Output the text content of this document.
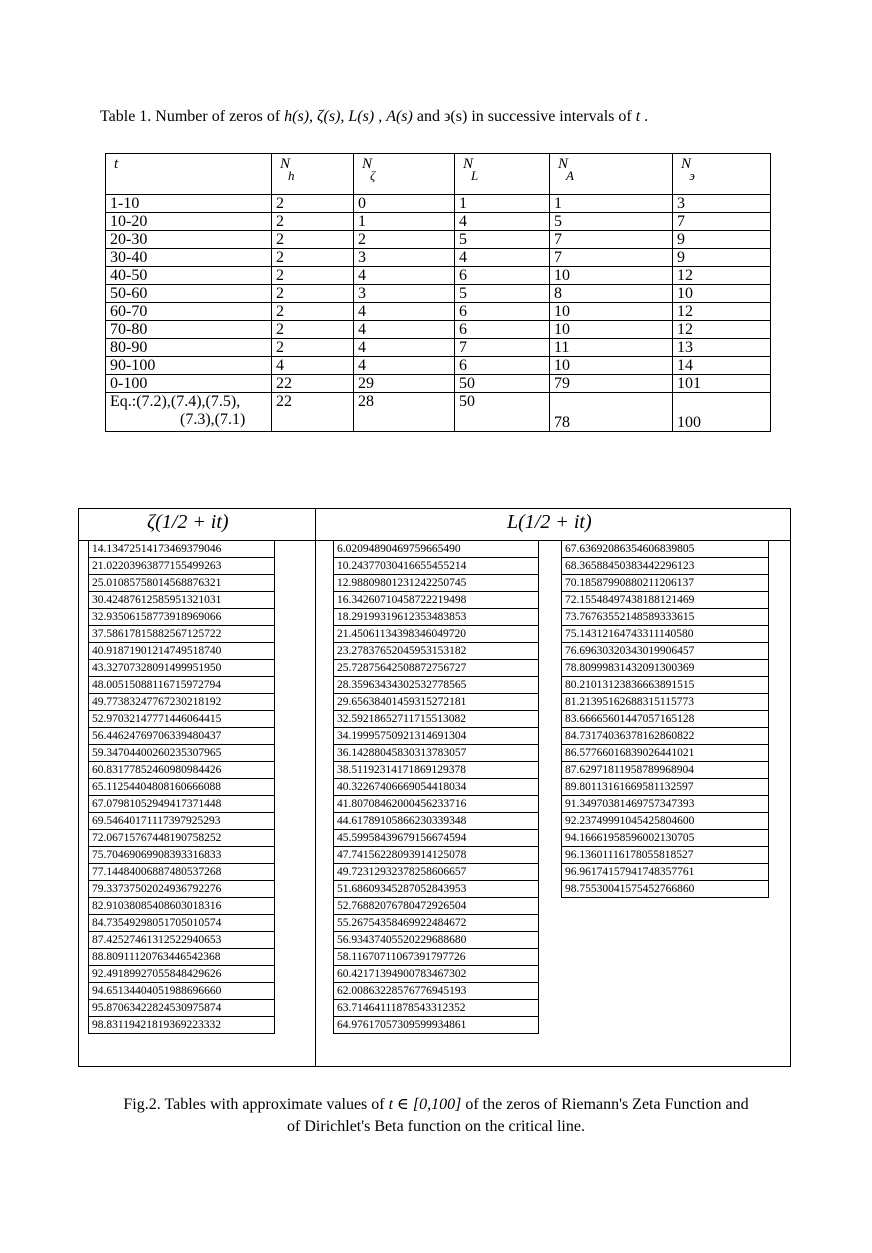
Table 1. Number of zeros of h(s), ζ(s), L(s) , A(s) and ϶(s) in successive intervals of t .
t	$N_h$	$N_\zeta$	$N_L$	$N_A$	$N_϶$
1-10	2	0	1	1	3
10-20	2	1	4	5	7
20-30	2	2	5	7	9
30-40	2	3	4	7	9
40-50	2	4	6	10	12
50-60	2	3	5	8	10
60-70	2	4	6	10	12
70-80	2	4	6	10	12
80-90	2	4	7	11	13
90-100	4	4	6	10	14
0-100	22	29	50	79	101

Eq.:(7.2),(7.4),(7.5),
(7.3),(7.1)	22	28	50	78	100
ζ(1/2 + it)	L(1/2 + it)
14.13472514173469379046
21.02203963877155499263
25.01085758014568876321
30.42487612585951321031
32.93506158773918969066
37.58617815882567125722
40.91871901214749518740
43.32707328091499951950
48.00515088116715972794
49.77383247767230218192
52.97032147771446064415
56.44624769706339480437
59.34704400260235307965
60.83177852460980984426
65.11254404808160666088
67.07981052949417371448
69.54640171117397925293
72.06715767448190758252
75.70469069908393316833
77.14484006887480537268
79.33737502024936792276
82.91038085408603018316
84.73549298051705010574
87.42527461312522940653
88.80911120763446542368
92.49189927055848429626
94.65134404051988696660
95.87063422824530975874
98.83119421819369223332
6.02094890469759665490
10.24377030416655455214
12.98809801231242250745
16.34260710458722219498
18.29199319612353483853
21.45061134398346049720
23.27837652045953153182
25.72875642508872756727
28.35963434302532778565
29.65638401459315272181
32.59218652711715513082
34.19995750921314691304
36.14288045830313783057
38.51192314171869129378
40.32267406669054418034
41.80708462000456233716
44.61789105866230339348
45.59958439679156674594
47.74156228093914125078
49.72312932378258606657
51.68609345287052843953
52.76882076780472926504
55.26754358469922484672
56.93437405520229688680
58.11670711067391797726
60.42171394900783467302
62.00863228576776945193
63.71464111878543312352
64.97617057309599934861
67.63692086354606839805
68.36588450383442296123
70.18587990880211206137
72.15548497438188121469
73.76763552148589333615
75.14312164743311140580
76.69630320343019906457
78.80999831432091300369
80.21013123836663891515
81.21395162688315115773
83.66665601447057165128
84.73174036378162860822
86.57766016839026441021
87.62971811958789968904
89.80113161669581132597
91.34970381469757347393
92.23749991045425804600
94.16661958596002130705
96.13601116178055818527
96.96174157941748357761
98.75530041575452766860
Fig.2. Tables with approximate values of t ∈ [0,100] of the zeros of Riemann's Zeta Function and
of Dirichlet's Beta function on the critical line.
